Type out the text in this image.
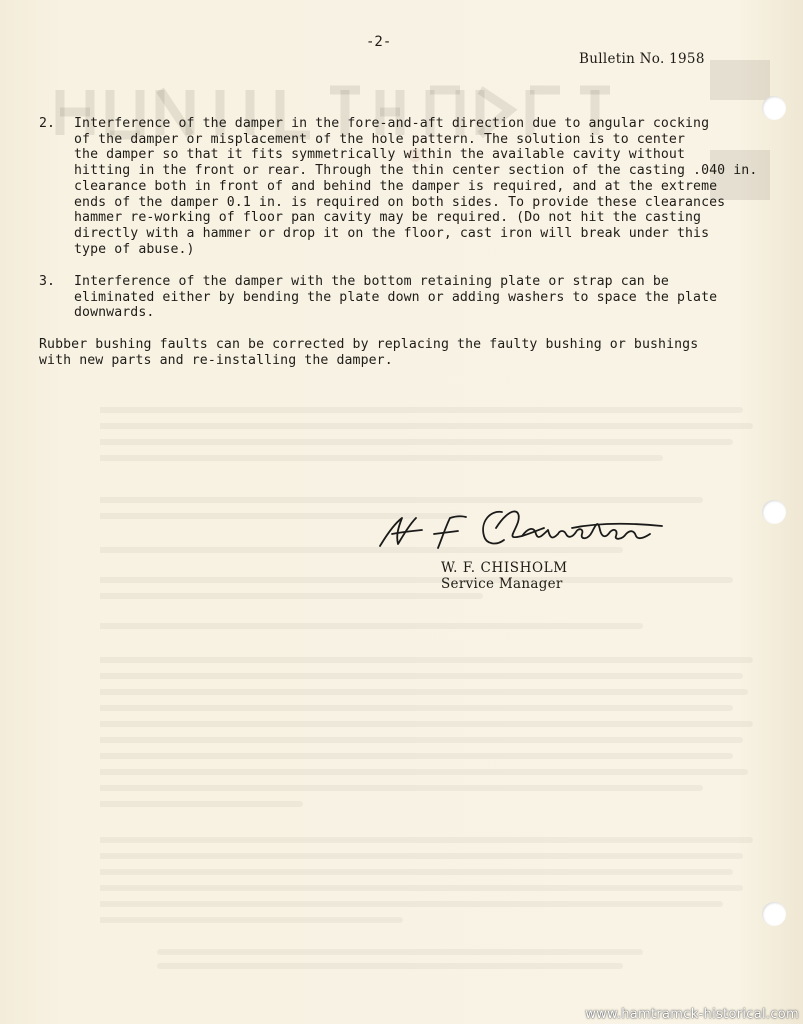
-2-
Bulletin No. 1958
2. Interference of the damper in the fore-and-aft direction due to angular cocking
of the damper or misplacement of the hole pattern. The solution is to center
the damper so that it fits symmetrically within the available cavity without
hitting in the front or rear. Through the thin center section of the casting .040 in.
clearance both in front of and behind the damper is required, and at the extreme
ends of the damper 0.1 in. is required on both sides. To provide these clearances
hammer re-working of floor pan cavity may be required. (Do not hit the casting
directly with a hammer or drop it on the floor, cast iron will break under this
type of abuse.)
3. Interference of the damper with the bottom retaining plate or strap can be
eliminated either by bending the plate down or adding washers to space the plate
downwards.
Rubber bushing faults can be corrected by replacing the faulty bushing or bushings
with new parts and re-installing the damper.
W. F. CHISHOLM
Service Manager
www.hamtramck-historical.com
